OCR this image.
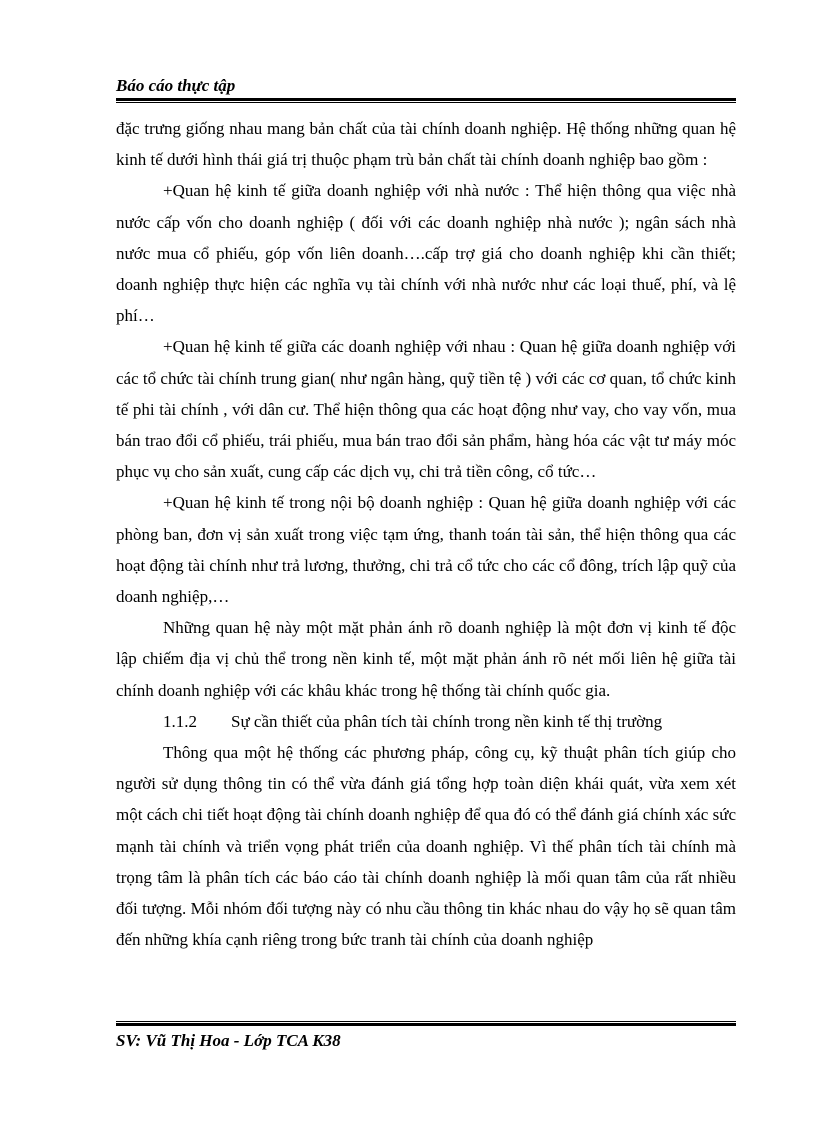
Báo cáo thực tập

đặc trưng giống nhau mang bản chất của tài chính doanh nghiệp. Hệ thống những quan hệ kinh tế dưới hình thái giá trị thuộc phạm trù bản chất tài chính doanh nghiệp bao gồm :

+Quan hệ kinh tế giữa doanh nghiệp với nhà nước : Thể hiện thông qua việc nhà nước cấp vốn cho doanh nghiệp ( đối với các doanh nghiệp nhà nước ); ngân sách nhà nước mua cổ phiếu, góp vốn liên doanh….cấp trợ giá cho doanh nghiệp khi cần thiết; doanh nghiệp thực hiện các nghĩa vụ tài chính với nhà nước như các loại thuế, phí, và lệ phí…

+Quan hệ kinh tế giữa các doanh nghiệp với nhau : Quan hệ giữa doanh nghiệp với các tổ chức tài chính trung gian( như ngân hàng, quỹ tiền tệ ) với các cơ quan, tổ chức kinh tế phi tài chính , với dân cư. Thể hiện thông qua các hoạt động như vay, cho vay vốn, mua bán trao đổi cổ phiếu, trái phiếu, mua bán trao đổi sản phẩm, hàng hóa các vật tư máy móc phục vụ cho sản xuất, cung cấp các dịch vụ, chi trả tiền công, cổ tức…

+Quan hệ kinh tế trong nội bộ doanh nghiệp : Quan hệ giữa doanh nghiệp với các phòng ban, đơn vị sản xuất trong việc tạm ứng, thanh toán tài sản, thể hiện thông qua các hoạt động tài chính như trả lương, thưởng, chi trả cổ tức cho các cổ đông, trích lập quỹ của doanh nghiệp,…

Những quan hệ này một mặt phản ánh rõ doanh nghiệp là một đơn vị kinh tế độc lập chiếm địa vị chủ thể trong nền kinh tế, một mặt phản ánh rõ nét mối liên hệ giữa tài chính doanh nghiệp với các khâu khác trong hệ thống tài chính quốc gia.

1.1.2 Sự cần thiết của phân tích tài chính trong nền kinh tế thị trường

Thông qua một hệ thống các phương pháp, công cụ, kỹ thuật phân tích giúp cho người sử dụng thông tin có thể vừa đánh giá tổng hợp toàn diện khái quát, vừa xem xét một cách chi tiết hoạt động tài chính doanh nghiệp để qua đó có thể đánh giá chính xác sức mạnh tài chính và triển vọng phát triển của doanh nghiệp. Vì thế phân tích tài chính mà trọng tâm là phân tích các báo cáo tài chính doanh nghiệp là mối quan tâm của rất nhiều đối tượng. Mỗi nhóm đối tượng này có nhu cầu thông tin khác nhau do vậy họ sẽ quan tâm đến những khía cạnh riêng trong bức tranh tài chính của doanh nghiệp

SV: Vũ Thị Hoa - Lớp TCA K38
